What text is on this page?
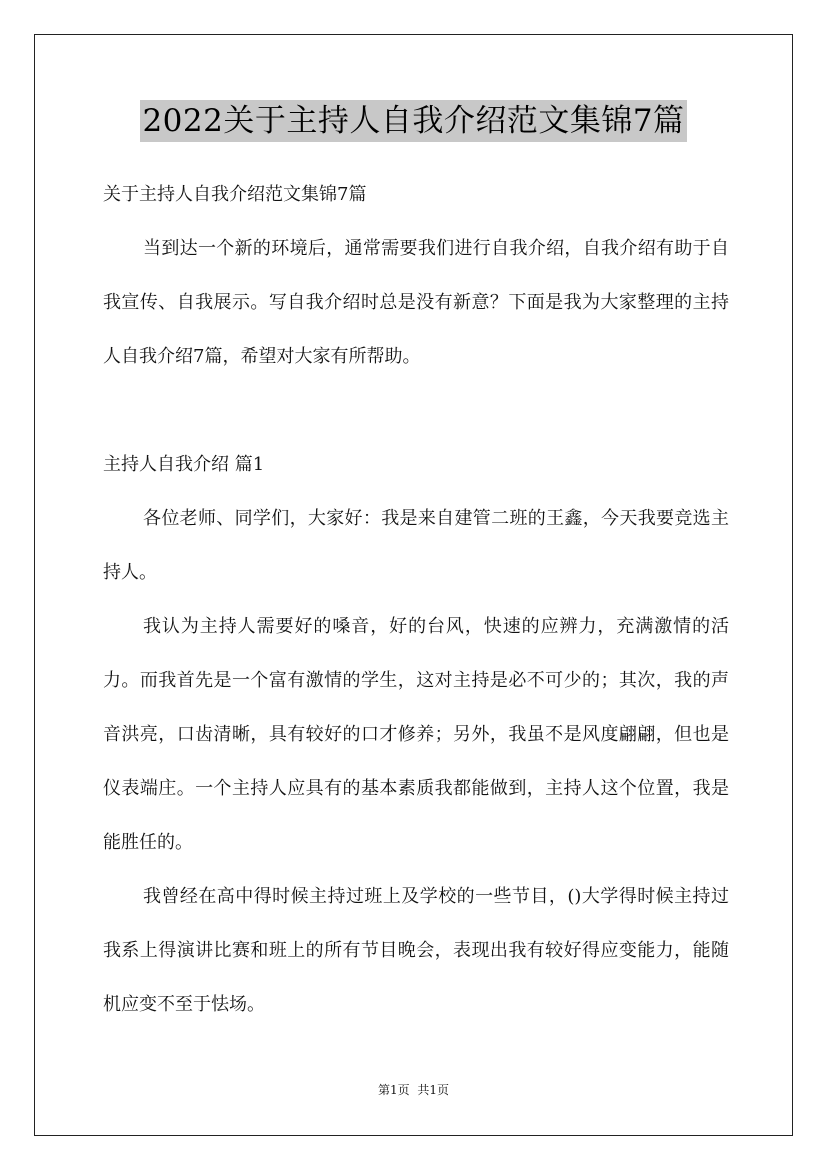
2022关于主持人自我介绍范文集锦7篇

关于主持人自我介绍范文集锦7篇

当到达一个新的环境后，通常需要我们进行自我介绍，自我介绍有助于自我宣传、自我展示。写自我介绍时总是没有新意？下面是我为大家整理的主持人自我介绍7篇，希望对大家有所帮助。

主持人自我介绍 篇1

各位老师、同学们，大家好：我是来自建管二班的王鑫，今天我要竞选主持人。

我认为主持人需要好的嗓音，好的台风，快速的应辨力，充满激情的活力。而我首先是一个富有激情的学生，这对主持是必不可少的；其次，我的声音洪亮，口齿清晰，具有较好的口才修养；另外，我虽不是风度翩翩，但也是仪表端庄。一个主持人应具有的基本素质我都能做到，主持人这个位置，我是能胜任的。

我曾经在高中得时候主持过班上及学校的一些节目，()大学得时候主持过我系上得演讲比赛和班上的所有节目晚会，表现出我有较好得应变能力，能随机应变不至于怯场。

第1页 共1页
